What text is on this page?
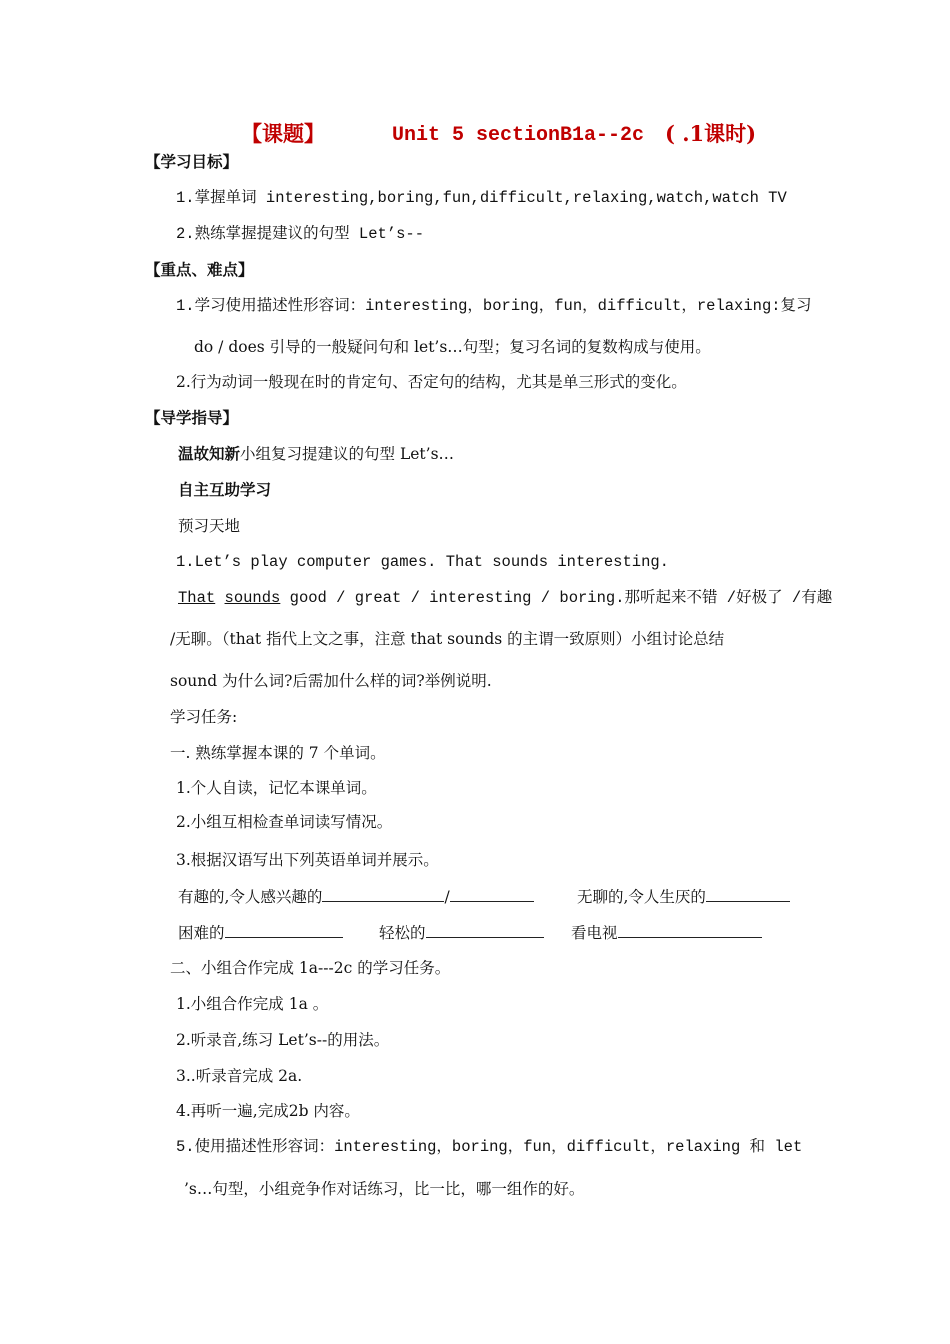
【课题】	Unit 5 sectionB1a--2c ( .1课时)
【学习目标】
1.掌握单词 interesting,boring,fun,difficult,relaxing,watch,watch TV
2.熟练掌握提建议的句型 Let’s--
【重点、难点】
1.学习使用描述性形容词：interesting，boring，fun，difficult，relaxing:复习
do / does 引导的一般疑问句和 let’s…句型；复习名词的复数构成与使用。
2.行为动词一般现在时的肯定句、否定句的结构，尤其是单三形式的变化。
【导学指导】
温故知新小组复习提建议的句型 Let’s…
自主互助学习
预习天地
1.Let’s play computer games. That sounds interesting.
That sounds good / great / interesting / boring.那听起来不错 /好极了 /有趣
/无聊。（that 指代上文之事，注意 that sounds 的主谓一致原则）小组讨论总结
sound 为什么词?后需加什么样的词?举例说明.
学习任务:
一. 熟练掌握本课的 7 个单词。
1.个人自读，记忆本课单词。
2.小组互相检查单词读写情况。
3.根据汉语写出下列英语单词并展示。
有趣的,令人感兴趣的	/	无聊的,令人生厌的
困难的	轻松的	看电视
二、小组合作完成 1a---2c 的学习任务。
1.小组合作完成 1a 。
2.听录音,练习 Let’s--的用法。
3..听录音完成 2a.
4.再听一遍,完成2b 内容。
5.使用描述性形容词：interesting，boring，fun，difficult，relaxing 和 let
’s…句型，小组竞争作对话练习，比一比，哪一组作的好。
